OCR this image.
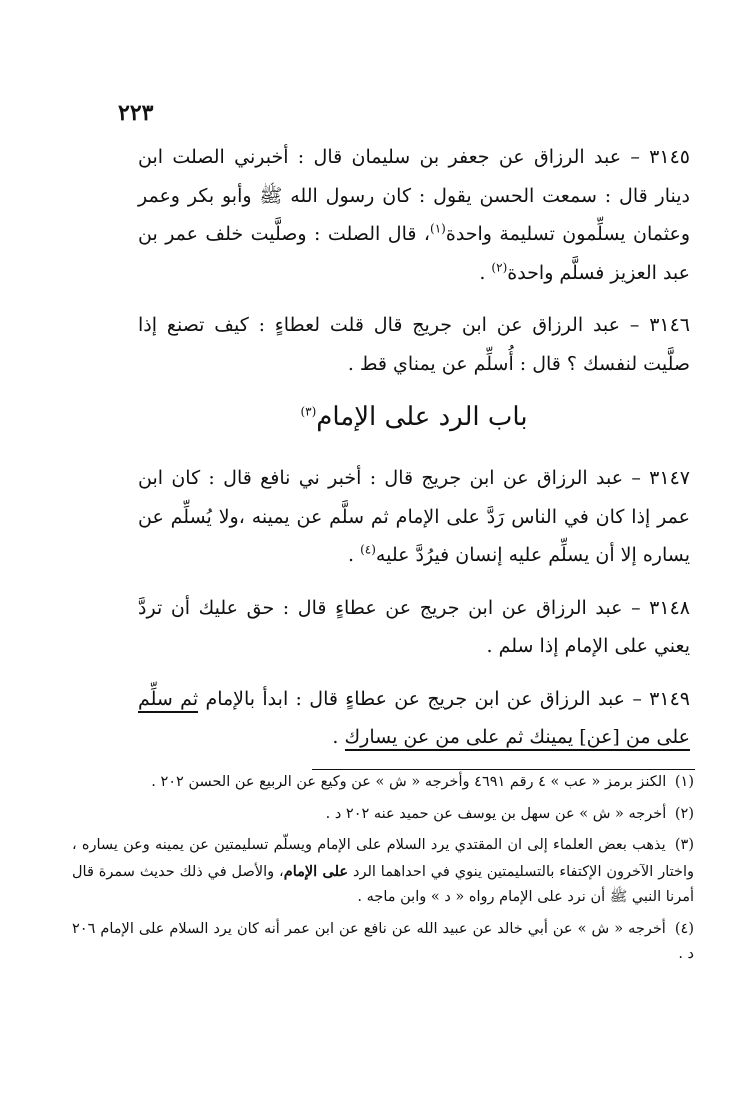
٢٢٣

٣١٤٥ – عبد الرزاق عن جعفر بن سليمان قال : أخبرني الصلت ابن دينار قال : سمعت الحسن يقول : كان رسول الله ﷺ وأبو بكر وعمر وعثمان يسلِّمون تسليمة واحدة$^{(١)}$، قال الصلت : وصلَّيت خلف عمر بن عبد العزيز فسلَّم واحدة$^{(٢)}$ .

٣١٤٦ – عبد الرزاق عن ابن جريج قال قلت لعطاءٍ : كيف تصنع إذا صلَّيت لنفسك ؟ قال : أُسلِّم عن يمناي قط .

باب الرد على الإمام$^{(٣)}$

٣١٤٧ – عبد الرزاق عن ابن جريج قال : أخبر ني نافع قال : كان ابن عمر إذا كان في الناس رَدَّ على الإمام ثم سلَّم عن يمينه ،ولا يُسلِّم عن يساره إلا أن يسلِّم عليه إنسان فيرُدَّ عليه$^{(٤)}$ .

٣١٤٨ – عبد الرزاق عن ابن جريج عن عطاءٍ قال : حق عليك أن تردَّ يعني على الإمام إذا سلم .

٣١٤٩ – عبد الرزاق عن ابن جريج عن عطاءٍ قال : ابدأ بالإمام ثم سلِّم على من [عن] يمينك ثم على من عن يسارك .

(١) الكنز برمز « عب » ٤ رقم ٤٦٩١ وأخرجه « ش » عن وكيع عن الربيع عن الحسن ٢٠٢ .

(٢) أخرجه « ش » عن سهل بن يوسف عن حميد عنه ٢٠٢ د .

(٣) يذهب بعض العلماء إلى ان المقتدي يرد السلام على الإمام ويسلّم تسليمتين عن يمينه وعن يساره ، واختار الآخرون الإكتفاء بالتسليمتين ينوي في احداهما الرد على الإمام، والأصل في ذلك حديث سمرة قال أمرنا النبي ﷺ أن نرد على الإمام رواه « د » وابن ماجه .

(٤) أخرجه « ش » عن أبي خالد عن عبيد الله عن نافع عن ابن عمر أنه كان يرد السلام على الإمام ٢٠٦ د .
